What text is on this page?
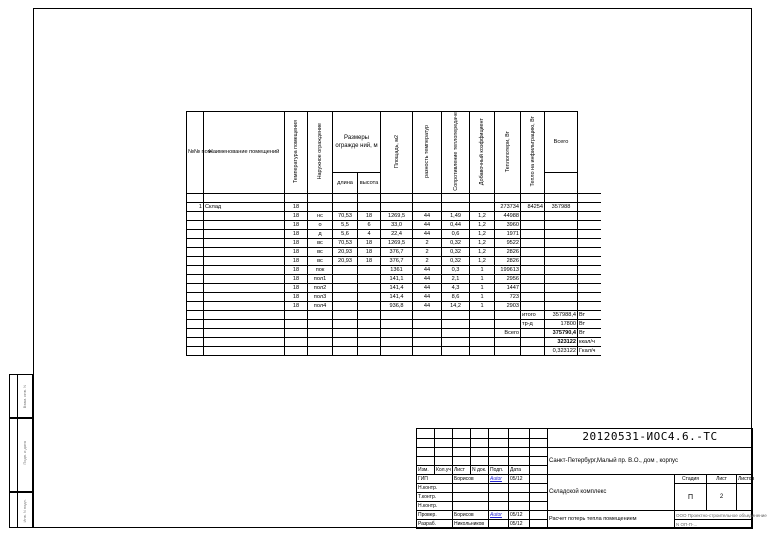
№№ пом.	Наименование помещений	Температура помещения	Наружное ограждение	Размеры огражде ний, м		Площадь, м2	разность температур	Сопротивление теплопередаче	Добавочный коэффициент	Теплопотери, Вт	Тепло на инфильтрацию, Вт	Всего	
				длина	высота								

1	Склад	18								273734	84254	357988	
		18	нс	70,53	18	1269,5	44	1,49	1,2	44988			
		18	о	5,5	6	33,0	44	0,44	1,2	3960			
		18	д	5,6	4	22,4	44	0,6	1,2	1971			
		18	вс	70,53	18	1269,5	2	0,32	1,2	9522			
		18	вс	20,93	18	376,7	2	0,32	1,2	2826			
		18	вс	20,93	18	376,7	2	0,32	1,2	2826			
		18	пок			1361	44	0,3	1	199613			
		18	пол1			141,1	44	2,1	1	2956			
		18	пол2			141,4	44	4,3	1	1447			
		18	пол3			141,4	44	8,6	1	723			
		18	пол4			936,8	44	14,2	1	2903			
											итого	357988,4	Вт
											тр-д	17800	Вт
										Всего		375790,4	Вт
												323122	ккал/ч
												0,323122	Гкал/ч
							20120531-ИОС4.6.-ТС			

							Санкт-Петербург,Малый пр. В.О., дом , корпус			

Изм.	Кол.уч	Лист	N док.	Подп.	Дата					
ГИП		Борисов		Autor	05/12		Складской комплекс	Стадия	Лист	Листов
Н.контр.								П	2	
Т.контр.										
Н.контр.										
Провер.		Борисов		Autor	05/12		Расчет потерь тепла помещением	ООО Проектно-строительное объединение		
Разраб.		Никольников			05/12			N ОП-П-...		
Взам. инв. N
Подп. и дата
Инв. N подл.
